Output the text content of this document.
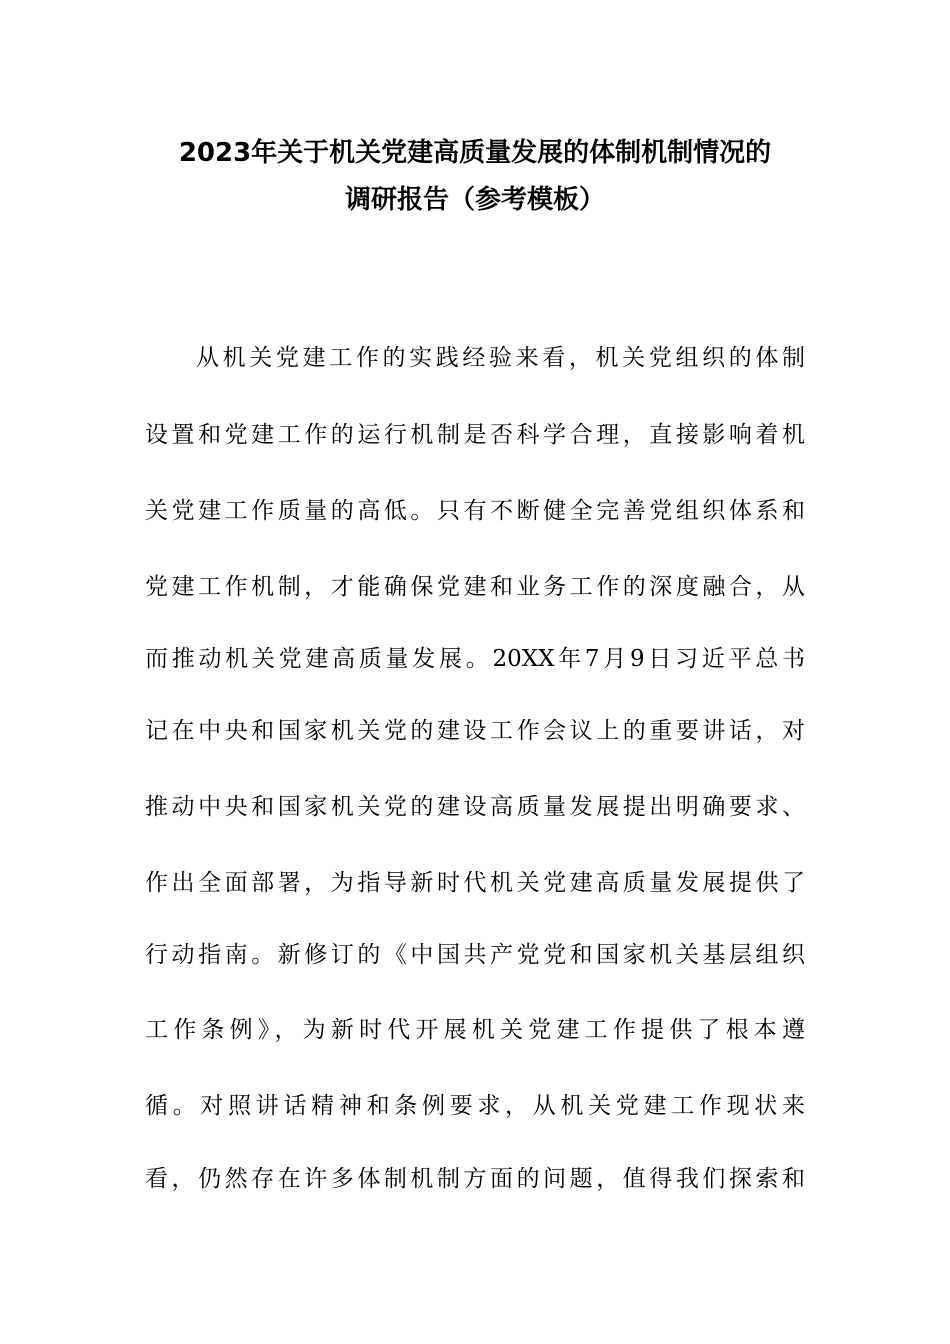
2023年关于机关党建高质量发展的体制机制情况的
调研报告（参考模板）
从机关党建工作的实践经验来看，机关党组织的体制
设置和党建工作的运行机制是否科学合理，直接影响着机
关党建工作质量的高低。只有不断健全完善党组织体系和
党建工作机制，才能确保党建和业务工作的深度融合，从
而推动机关党建高质量发展。20XX年7月9日习近平总书
记在中央和国家机关党的建设工作会议上的重要讲话，对
推动中央和国家机关党的建设高质量发展提出明确要求、
作出全面部署，为指导新时代机关党建高质量发展提供了
行动指南。新修订的《中国共产党党和国家机关基层组织
工作条例》，为新时代开展机关党建工作提供了根本遵
循。对照讲话精神和条例要求，从机关党建工作现状来
看，仍然存在许多体制机制方面的问题，值得我们探索和
